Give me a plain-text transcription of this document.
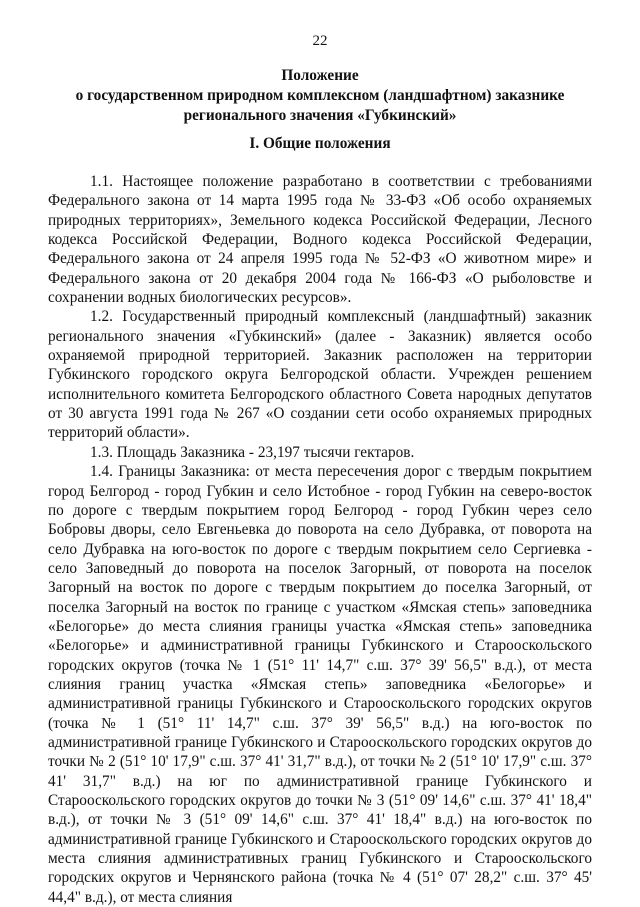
22
Положение
о государственном природном комплексном (ландшафтном) заказнике
регионального значения «Губкинский»
I. Общие положения

1.1. Настоящее положение разработано в соответствии с требованиями Федерального закона от 14 марта 1995 года № 33-ФЗ «Об особо охраняемых природных территориях», Земельного кодекса Российской Федерации, Лесного кодекса Российской Федерации, Водного кодекса Российской Федерации, Федерального закона от 24 апреля 1995 года № 52-ФЗ «О животном мире» и Федерального закона от 20 декабря 2004 года № 166-ФЗ «О рыболовстве и сохранении водных биологических ресурсов».

1.2. Государственный природный комплексный (ландшафтный) заказник регионального значения «Губкинский» (далее - Заказник) является особо охраняемой природной территорией. Заказник расположен на территории Губкинского городского округа Белгородской области. Учрежден решением исполнительного комитета Белгородского областного Совета народных депутатов от 30 августа 1991 года № 267 «О создании сети особо охраняемых природных территорий области».

1.3. Площадь Заказника - 23,197 тысячи гектаров.

1.4. Границы Заказника: от места пересечения дорог с твердым покрытием город Белгород - город Губкин и село Истобное - город Губкин на северо-восток по дороге с твердым покрытием город Белгород - город Губкин через село Бобровы дворы, село Евгеньевка до поворота на село Дубравка, от поворота на село Дубравка на юго-восток по дороге с твердым покрытием село Сергиевка - село Заповедный до поворота на поселок Загорный, от поворота на поселок Загорный на восток по дороге с твердым покрытием до поселка Загорный, от поселка Загорный на восток по границе с участком «Ямская степь» заповедника «Белогорье» до места слияния границы участка «Ямская степь» заповедника «Белогорье» и административной границы Губкинского и Старооскольского городских округов (точка № 1 (51° 11' 14,7" с.ш. 37° 39' 56,5" в.д.), от места слияния границ участка «Ямская степь» заповедника «Белогорье» и административной границы Губкинского и Старооскольского городских округов (точка № 1 (51° 11' 14,7" с.ш. 37° 39' 56,5" в.д.) на юго-восток по административной границе Губкинского и Старооскольского городских округов до точки № 2 (51° 10' 17,9" с.ш. 37° 41' 31,7" в.д.), от точки № 2 (51° 10' 17,9" с.ш. 37° 41' 31,7" в.д.) на юг по административной границе Губкинского и Старооскольского городских округов до точки № 3 (51° 09' 14,6" с.ш. 37° 41' 18,4" в.д.), от точки № 3 (51° 09' 14,6" с.ш. 37° 41' 18,4" в.д.) на юго-восток по административной границе Губкинского и Старооскольского городских округов до места слияния административных границ Губкинского и Старооскольского городских округов и Чернянского района (точка № 4 (51° 07' 28,2" с.ш. 37° 45' 44,4" в.д.), от места слияния
